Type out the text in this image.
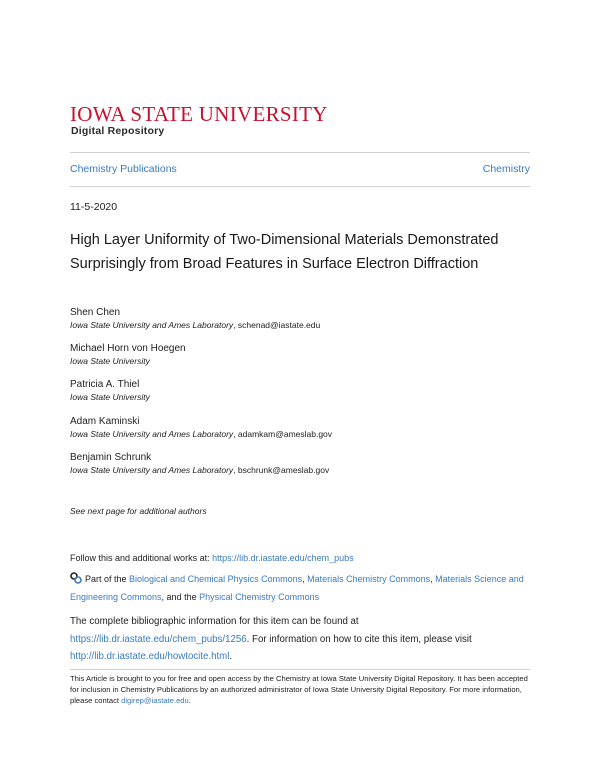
IOWA STATE UNIVERSITY
Digital Repository
Chemistry Publications	Chemistry
11-5-2020
High Layer Uniformity of Two-Dimensional Materials Demonstrated Surprisingly from Broad Features in Surface Electron Diffraction
Shen Chen
Iowa State University and Ames Laboratory, schenad@iastate.edu
Michael Horn von Hoegen
Iowa State University
Patricia A. Thiel
Iowa State University
Adam Kaminski
Iowa State University and Ames Laboratory, adamkam@ameslab.gov
Benjamin Schrunk
Iowa State University and Ames Laboratory, bschrunk@ameslab.gov
See next page for additional authors
Follow this and additional works at: https://lib.dr.iastate.edu/chem_pubs
Part of the Biological and Chemical Physics Commons, Materials Chemistry Commons, Materials Science and Engineering Commons, and the Physical Chemistry Commons
The complete bibliographic information for this item can be found at https://lib.dr.iastate.edu/chem_pubs/1256. For information on how to cite this item, please visit http://lib.dr.iastate.edu/howtocite.html.
This Article is brought to you for free and open access by the Chemistry at Iowa State University Digital Repository. It has been accepted for inclusion in Chemistry Publications by an authorized administrator of Iowa State University Digital Repository. For more information, please contact digirep@iastate.edu.
